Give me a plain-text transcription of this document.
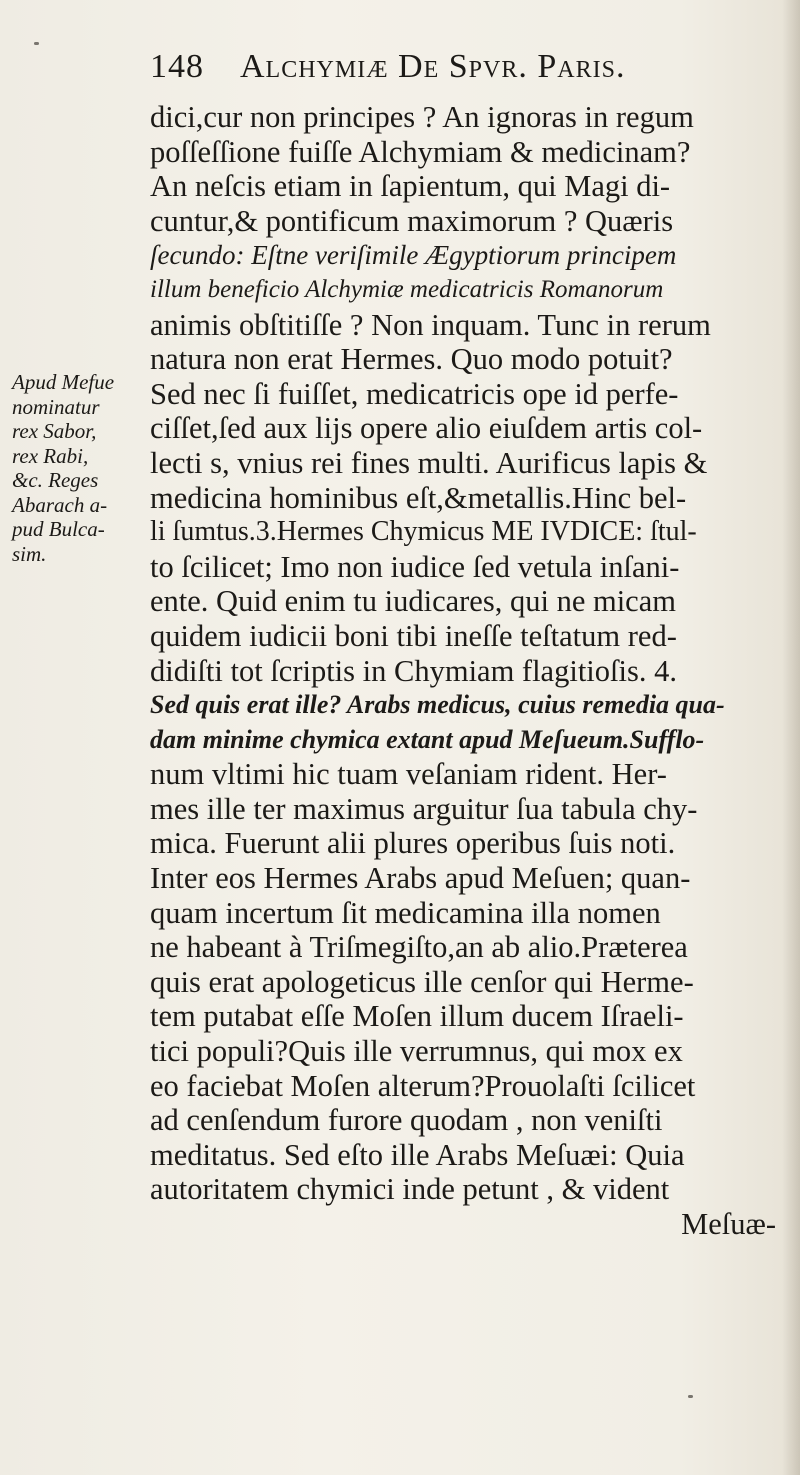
148	Alchymiæ De Spvr. Paris.
Apud Mefue
nominatur
rex Sabor,
rex Rabi,
&c. Reges
Abarach a-
pud Bulca-
sim.
dici,cur non principes ? An ignoras in regum
poſſeſſione fuiſſe Alchymiam & medicinam?
An neſcis etiam in ſapientum, qui Magi di-
cuntur,& pontificum maximorum ? Quæris
ſecundo: Eſtne veriſimile Ægyptiorum principem
illum beneficio Alchymiæ medicatricis Romanorum
animis obſtitiſſe ? Non inquam. Tunc in rerum
natura non erat Hermes. Quo modo potuit?
Sed nec ſi fuiſſet, medicatricis ope id perfe-
ciſſet,ſed aux lijs opere alio eiuſdem artis col-
lecti s, vnius rei fines multi. Aurificus lapis &
medicina hominibus eſt,&metallis.Hinc bel-
li ſumtus.3.Hermes Chymicus ME IVDICE: ſtul-
to ſcilicet; Imo non iudice ſed vetula inſani-
ente. Quid enim tu iudicares, qui ne micam
quidem iudicii boni tibi ineſſe teſtatum red-
didiſti tot ſcriptis in Chymiam flagitioſis. 4.
Sed quis erat ille? Arabs medicus, cuius remedia qua-
dam minime chymica extant apud Meſueum.Sufflo-
num vltimi hic tuam veſaniam rident. Her-
mes ille ter maximus arguitur ſua tabula chy-
mica. Fuerunt alii plures operibus ſuis noti.
Inter eos Hermes Arabs apud Meſuen; quan-
quam incertum ſit medicamina illa nomen
ne habeant à Triſmegiſto,an ab alio.Præterea
quis erat apologeticus ille cenſor qui Herme-
tem putabat eſſe Moſen illum ducem Iſraeli-
tici populi?Quis ille verrumnus, qui mox ex
eo faciebat Moſen alterum?Prouolaſti ſcilicet
ad cenſendum furore quodam , non veniſti
meditatus. Sed eſto ille Arabs Meſuæi: Quia
autoritatem chymici inde petunt , & vident
Meſuæ-
